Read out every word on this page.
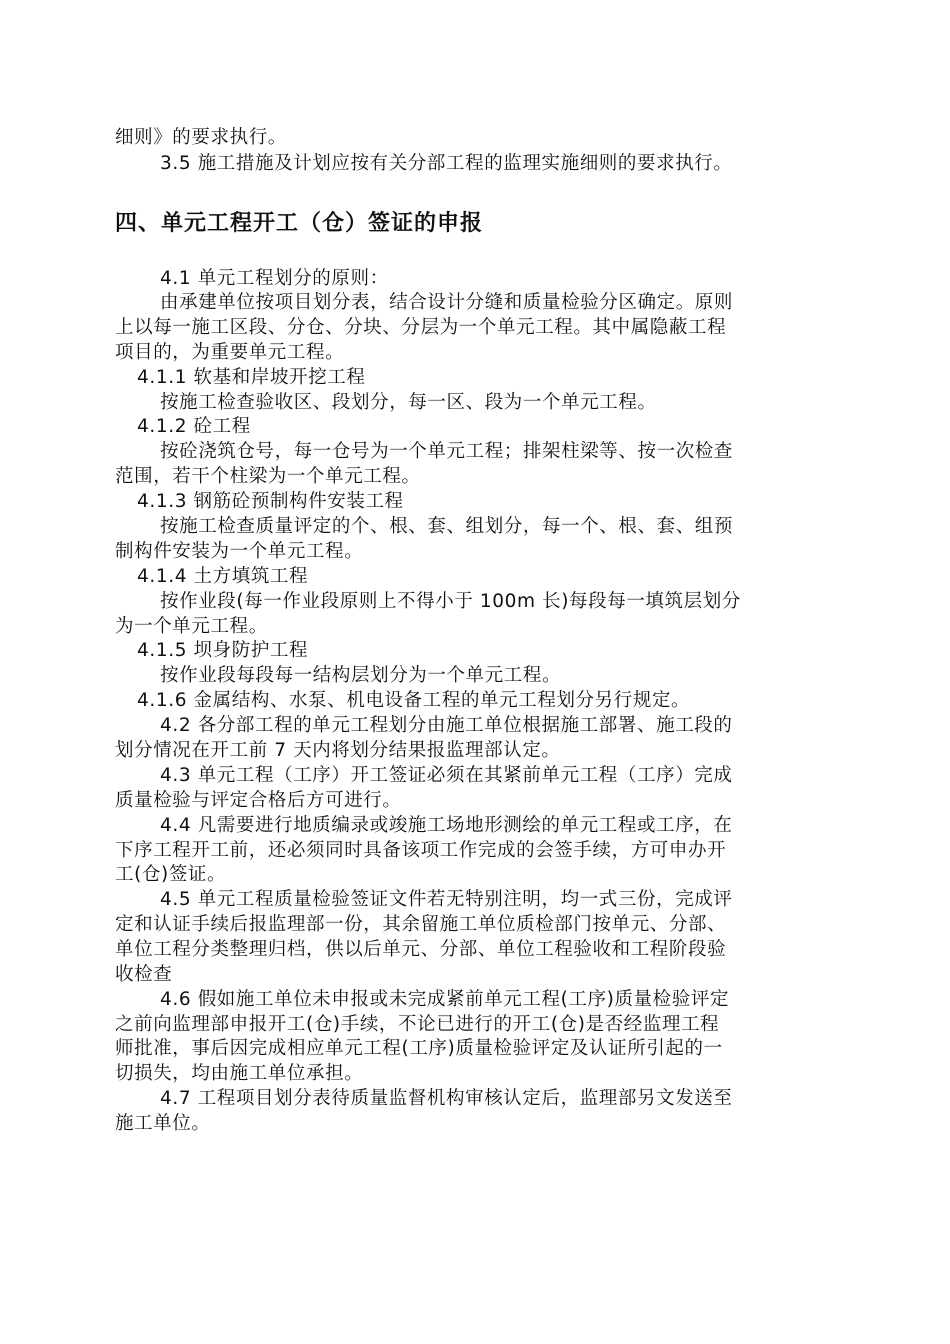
细则》的要求执行。
3.5 施工措施及计划应按有关分部工程的监理实施细则的要求执行。
四、单元工程开工（仓）签证的申报
4.1 单元工程划分的原则：
由承建单位按项目划分表，结合设计分缝和质量检验分区确定。原则
上以每一施工区段、分仓、分块、分层为一个单元工程。其中属隐蔽工程
项目的，为重要单元工程。
4.1.1 软基和岸坡开挖工程
按施工检查验收区、段划分，每一区、段为一个单元工程。
4.1.2 砼工程
按砼浇筑仓号，每一仓号为一个单元工程；排架柱梁等、按一次检查
范围，若干个柱梁为一个单元工程。
4.1.3 钢筋砼预制构件安装工程
按施工检查质量评定的个、根、套、组划分，每一个、根、套、组预
制构件安装为一个单元工程。
4.1.4 土方填筑工程
按作业段(每一作业段原则上不得小于 100m 长)每段每一填筑层划分
为一个单元工程。
4.1.5 坝身防护工程
按作业段每段每一结构层划分为一个单元工程。
4.1.6 金属结构、水泵、机电设备工程的单元工程划分另行规定。
4.2 各分部工程的单元工程划分由施工单位根据施工部署、施工段的
划分情况在开工前 7 天内将划分结果报监理部认定。
4.3 单元工程（工序）开工签证必须在其紧前单元工程（工序）完成
质量检验与评定合格后方可进行。
4.4 凡需要进行地质编录或竣施工场地形测绘的单元工程或工序，在
下序工程开工前，还必须同时具备该项工作完成的会签手续，方可申办开
工(仓)签证。
4.5 单元工程质量检验签证文件若无特别注明，均一式三份，完成评
定和认证手续后报监理部一份，其余留施工单位质检部门按单元、分部、
单位工程分类整理归档，供以后单元、分部、单位工程验收和工程阶段验
收检查
4.6 假如施工单位未申报或未完成紧前单元工程(工序)质量检验评定
之前向监理部申报开工(仓)手续，不论已进行的开工(仓)是否经监理工程
师批准，事后因完成相应单元工程(工序)质量检验评定及认证所引起的一
切损失，均由施工单位承担。
4.7 工程项目划分表待质量监督机构审核认定后，监理部另文发送至
施工单位。
